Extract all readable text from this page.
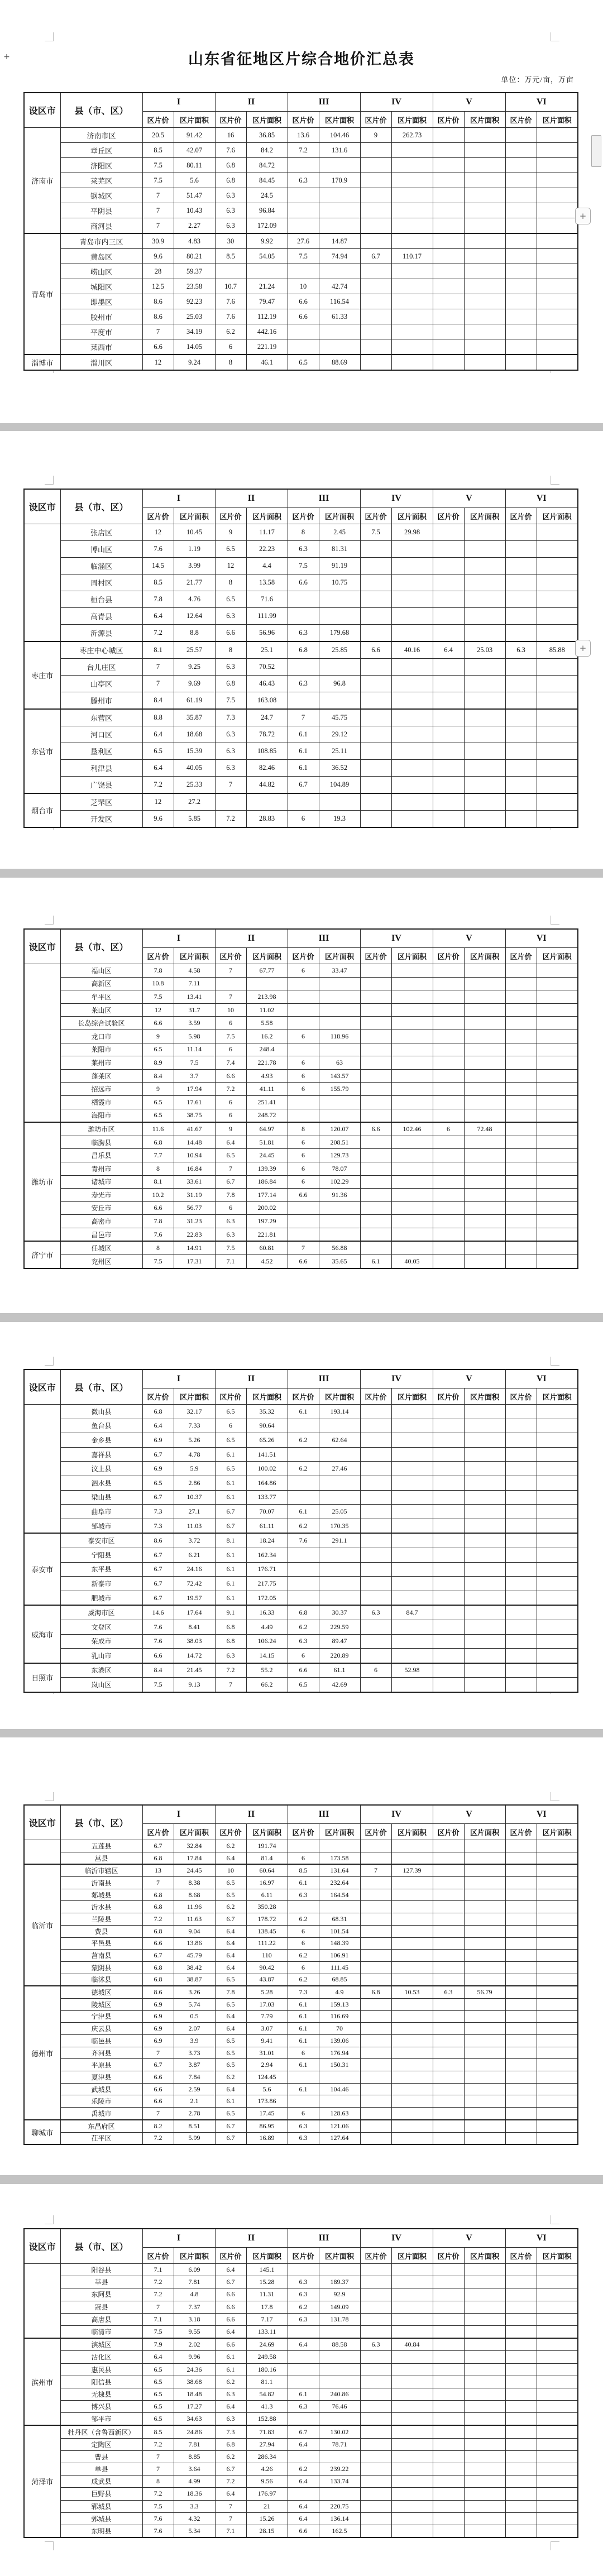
山东省征地区片综合地价汇总表
单位：万元/亩，万亩
设区市	县（市、区）	I		II		III		IV		V		VI	
		区片价	区片面积	区片价	区片面积	区片价	区片面积	区片价	区片面积	区片价	区片面积	区片价	区片面积
济南市	济南市区	20.5	91.42	16	36.85	13.6	104.46	9	262.73				
	章丘区	8.5	42.07	7.6	84.2	7.2	131.6						
	济阳区	7.5	80.11	6.8	84.72								
	莱芜区	7.5	5.6	6.8	84.45	6.3	170.9						
	钢城区	7	51.47	6.3	24.5								
	平阴县	7	10.43	6.3	96.84								
	商河县	7	2.27	6.3	172.09								
青岛市	青岛市内三区	30.9	4.83	30	9.92	27.6	14.87						
	黄岛区	9.6	80.21	8.5	54.05	7.5	74.94	6.7	110.17				
	崂山区	28	59.37										
	城阳区	12.5	23.58	10.7	21.24	10	42.74						
	即墨区	8.6	92.23	7.6	79.47	6.6	116.54						
	胶州市	8.6	25.03	7.6	112.19	6.6	61.33						
	平度市	7	34.19	6.2	442.16								
	莱西市	6.6	14.05	6	221.19								
淄博市	淄川区	12	9.24	8	46.1	6.5	88.69						
+
+
设区市	县（市、区）	I		II		III		IV		V		VI	
		区片价	区片面积	区片价	区片面积	区片价	区片面积	区片价	区片面积	区片价	区片面积	区片价	区片面积
	张店区	12	10.45	9	11.17	8	2.45	7.5	29.98				
	博山区	7.6	1.19	6.5	22.23	6.3	81.31						
	临淄区	14.5	3.99	12	4.4	7.5	91.19						
	周村区	8.5	21.77	8	13.58	6.6	10.75						
	桓台县	7.8	4.76	6.5	71.6								
	高青县	6.4	12.64	6.3	111.99								
	沂源县	7.2	8.8	6.6	56.96	6.3	179.68						
枣庄市	枣庄中心城区	8.1	25.57	8	25.1	6.8	25.85	6.6	40.16	6.4	25.03	6.3	85.88
	台儿庄区	7	9.25	6.3	70.52								
	山亭区	7	9.69	6.8	46.43	6.3	96.8						
	滕州市	8.4	61.19	7.5	163.08								
东营市	东营区	8.8	35.87	7.3	24.7	7	45.75						
	河口区	6.4	18.68	6.3	78.72	6.1	29.12						
	垦利区	6.5	15.39	6.3	108.85	6.1	25.11						
	利津县	6.4	40.05	6.3	82.46	6.1	36.52						
	广饶县	7.2	25.33	7	44.82	6.7	104.89						
烟台市	芝罘区	12	27.2										
	开发区	9.6	5.85	7.2	28.83	6	19.3						
+
设区市	县（市、区）	I		II		III		IV		V		VI	
		区片价	区片面积	区片价	区片面积	区片价	区片面积	区片价	区片面积	区片价	区片面积	区片价	区片面积
	福山区	7.8	4.58	7	67.77	6	33.47						
	高新区	10.8	7.11										
	牟平区	7.5	13.41	7	213.98								
	莱山区	12	31.7	10	11.02								
	长岛综合试验区	6.6	3.59	6	5.58								
	龙口市	9	5.98	7.5	16.2	6	118.96						
	莱阳市	6.5	11.14	6	248.4								
	莱州市	8.9	7.5	7.4	221.78	6	63						
	蓬莱区	8.4	3.7	6.6	4.93	6	143.57						
	招远市	9	17.94	7.2	41.11	6	155.79						
	栖霞市	6.5	17.61	6	251.41								
	海阳市	6.5	38.75	6	248.72								
潍坊市	潍坊市区	11.6	41.67	9	64.97	8	120.07	6.6	102.46	6	72.48		
	临朐县	6.8	14.48	6.4	51.81	6	208.51						
	昌乐县	7.7	10.94	6.5	24.45	6	129.73						
	青州市	8	16.84	7	139.39	6	78.07						
	诸城市	8.1	33.61	6.7	186.84	6	102.29						
	寿光市	10.2	31.19	7.8	177.14	6.6	91.36						
	安丘市	6.6	56.77	6	200.02								
	高密市	7.8	31.23	6.3	197.29								
	昌邑市	7.6	22.83	6.3	221.81								
济宁市	任城区	8	14.91	7.5	60.81	7	56.88						
	兖州区	7.5	17.31	7.1	4.52	6.6	35.65	6.1	40.05				
设区市	县（市、区）	I		II		III		IV		V		VI	
		区片价	区片面积	区片价	区片面积	区片价	区片面积	区片价	区片面积	区片价	区片面积	区片价	区片面积
	微山县	6.8	32.17	6.5	35.32	6.1	193.14						
	鱼台县	6.4	7.33	6	90.64								
	金乡县	6.9	5.26	6.5	65.26	6.2	62.64						
	嘉祥县	6.7	4.78	6.1	141.51								
	汶上县	6.9	5.9	6.5	100.02	6.2	27.46						
	泗水县	6.5	2.86	6.1	164.86								
	梁山县	6.7	10.37	6.1	133.77								
	曲阜市	7.3	27.1	6.7	70.07	6.1	25.05						
	邹城市	7.3	11.03	6.7	61.11	6.2	170.35						
泰安市	泰安市区	8.6	3.72	8.1	18.24	7.6	291.1						
	宁阳县	6.7	6.21	6.1	162.34								
	东平县	6.7	24.16	6.1	176.71								
	新泰市	6.7	72.42	6.1	217.75								
	肥城市	6.7	19.57	6.1	172.05								
威海市	威海市区	14.6	17.64	9.1	16.33	6.8	30.37	6.3	84.7				
	文登区	7.6	8.41	6.8	4.49	6.2	229.59						
	荣成市	7.6	38.03	6.8	106.24	6.3	89.47						
	乳山市	6.6	14.72	6.3	14.15	6	220.89						
日照市	东港区	8.4	21.45	7.2	55.2	6.6	61.1	6	52.98				
	岚山区	7.5	9.13	7	66.2	6.5	42.69						
设区市	县（市、区）	I		II		III		IV		V		VI	
		区片价	区片面积	区片价	区片面积	区片价	区片面积	区片价	区片面积	区片价	区片面积	区片价	区片面积
	五莲县	6.7	32.84	6.2	191.74								
	莒县	6.8	17.84	6.4	81.4	6	173.58						
临沂市	临沂市辖区	13	24.45	10	60.64	8.5	131.64	7	127.39				
	沂南县	7	8.38	6.5	16.97	6.1	232.64						
	郯城县	6.8	8.68	6.5	6.11	6.3	164.54						
	沂水县	6.8	11.96	6.2	350.28								
	兰陵县	7.2	11.63	6.7	178.72	6.2	68.31						
	费县	6.8	9.04	6.4	138.45	6	101.54						
	平邑县	6.6	13.86	6.4	111.22	6	148.39						
	莒南县	6.7	45.79	6.4	110	6.2	106.91						
	蒙阴县	6.8	38.42	6.4	90.42	6	111.45						
	临沭县	6.8	38.87	6.5	43.87	6.2	68.85						
德州市	德城区	8.6	3.26	7.8	5.28	7.3	4.9	6.8	10.53	6.3	56.79		
	陵城区	6.9	5.74	6.5	17.03	6.1	159.13						
	宁津县	6.9	0.5	6.4	7.79	6.1	116.69						
	庆云县	6.9	2.07	6.4	3.07	6.1	70						
	临邑县	6.9	3.9	6.5	9.41	6.1	139.06						
	齐河县	7	3.73	6.5	31.01	6	176.94						
	平原县	6.7	3.87	6.5	2.94	6.1	150.31						
	夏津县	6.6	7.84	6.2	124.45								
	武城县	6.6	2.59	6.4	5.6	6.1	104.46						
	乐陵市	6.6	2.1	6.1	173.86								
	禹城市	7	2.78	6.5	17.45	6	128.63						
聊城市	东昌府区	8.2	8.51	6.7	86.95	6.3	121.06						
	茌平区	7.2	5.99	6.7	16.89	6.3	127.64						
设区市	县（市、区）	I		II		III		IV		V		VI	
		区片价	区片面积	区片价	区片面积	区片价	区片面积	区片价	区片面积	区片价	区片面积	区片价	区片面积
	阳谷县	7.1	6.09	6.4	145.1								
	莘县	7.2	7.81	6.7	15.28	6.3	189.37						
	东阿县	7.2	4.8	6.6	11.31	6.3	92.9						
	冠县	7	7.37	6.6	17.8	6.2	149.09						
	高唐县	7.1	3.18	6.6	7.17	6.3	131.78						
	临清市	7.5	9.55	6.4	133.11								
滨州市	滨城区	7.9	2.02	6.6	24.69	6.4	88.58	6.3	40.84				
	沾化区	6.4	9.96	6.1	249.58								
	惠民县	6.5	24.36	6.1	180.16								
	阳信县	6.5	38.68	6.2	81.1								
	无棣县	6.5	18.48	6.3	54.82	6.1	240.86						
	博兴县	6.5	17.27	6.4	41.3	6.3	76.46						
	邹平市	6.5	34.63	6.3	152.88								
菏泽市	牡丹区（含鲁西新区）	8.5	24.86	7.3	71.83	6.7	130.02						
	定陶区	7.2	7.81	6.8	27.94	6.4	78.71						
	曹县	7	8.85	6.2	286.34								
	单县	7	3.64	6.7	4.26	6.2	239.22						
	成武县	8	4.99	7.2	9.56	6.4	133.74						
	巨野县	7.2	18.36	6.4	176.97								
	郓城县	7.5	3.3	7	21	6.4	220.75						
	鄄城县	7.6	4.32	7	15.26	6.4	136.14						
	东明县	7.6	5.34	7.1	28.15	6.6	162.5						
